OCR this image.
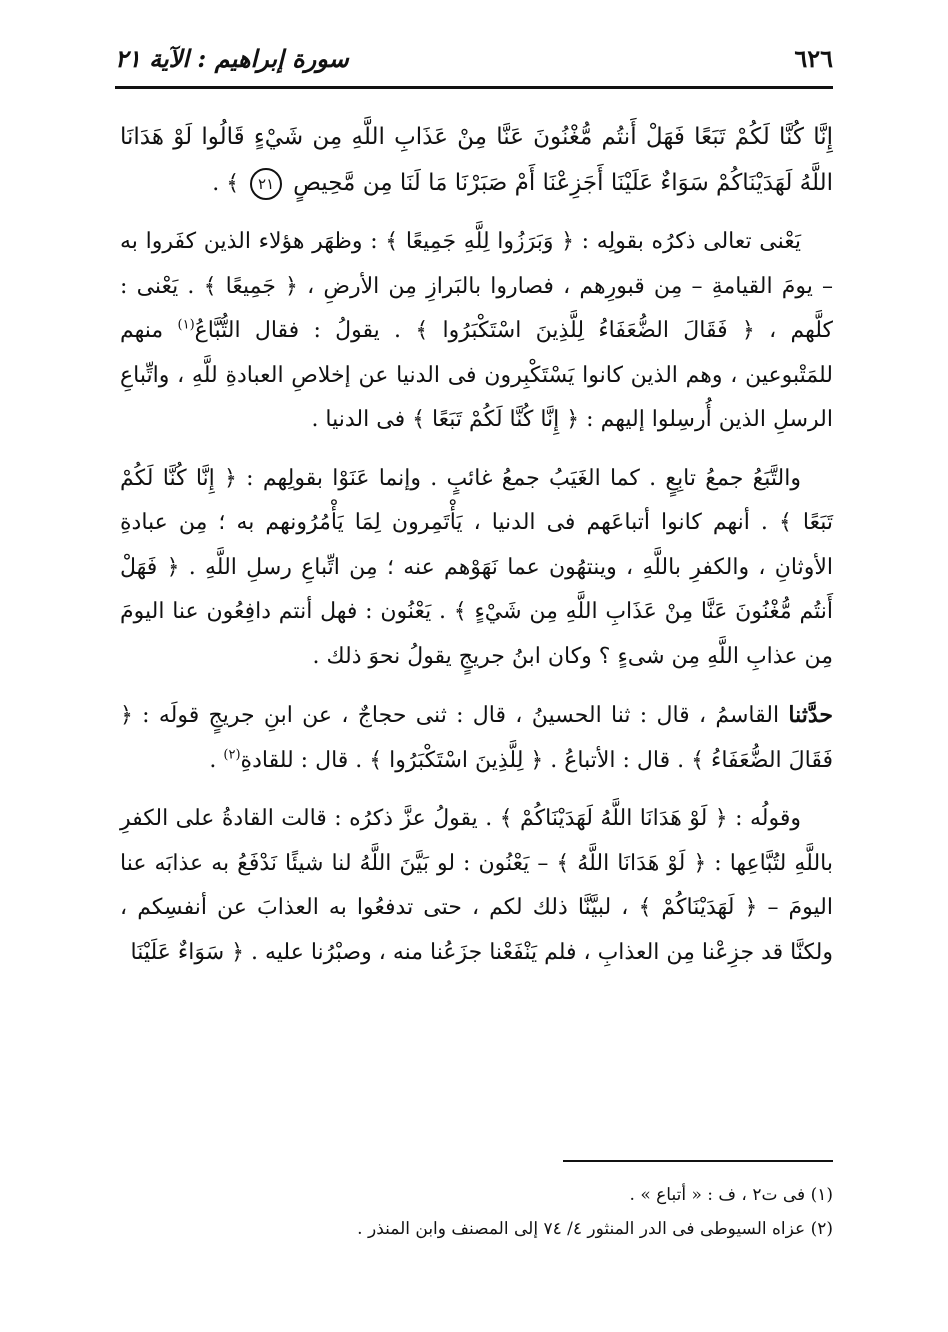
٦٢٦
سورة إبراهيم : الآية ٢١

إِنَّا كُنَّا لَكُمْ تَبَعًا فَهَلْ أَنتُم مُّغْنُونَ عَنَّا مِنْ عَذَابِ اللَّهِ مِن شَيْءٍ قَالُوا لَوْ هَدَانَا اللَّهُ لَهَدَيْنَاكُمْ سَوَاءٌ عَلَيْنَا أَجَزِعْنَا أَمْ صَبَرْنَا مَا لَنَا مِن مَّحِيصٍ ٢١ ﴾ .

يَعْنى تعالى ذكرُه بقولِه : ﴿ وَبَرَزُوا لِلَّهِ جَمِيعًا ﴾ : وظهَر هؤلاء الذين كفَروا به – يومَ القيامةِ – مِن قبورِهم ، فصاروا بالبَرازِ مِن الأرضِ ، ﴿ جَمِيعًا ﴾ . يَعْنى : كلَّهم ، ﴿ فَقَالَ الضُّعَفَاءُ لِلَّذِينَ اسْتَكْبَرُوا ﴾ . يقولُ : فقال التُّبَّاعُ$^{(١)}$ منهم للمَتْبوعين ، وهم الذين كانوا يَسْتَكْبِرون فى الدنيا عن إخلاصِ العبادةِ للَّهِ ، واتِّباعِ الرسلِ الذين أُرسِلوا إليهم : ﴿ إِنَّا كُنَّا لَكُمْ تَبَعًا ﴾ فى الدنيا .

والتَّبَعُ جمعُ تابِعٍ . كما الغَيَبُ جمعُ غائبٍ . وإنما عَنَوْا بقولِهم : ﴿ إِنَّا كُنَّا لَكُمْ تَبَعًا ﴾ . أنهم كانوا أتباعَهم فى الدنيا ، يَأْتَمِرون لِمَا يَأْمُرُونهم به ؛ مِن عبادةِ الأوثانِ ، والكفرِ باللَّهِ ، وينتهُون عما نَهَوْهم عنه ؛ مِن اتِّباعِ رسلِ اللَّهِ . ﴿ فَهَلْ أَنتُم مُّغْنُونَ عَنَّا مِنْ عَذَابِ اللَّهِ مِن شَيْءٍ ﴾ . يَعْنُون : فهل أنتم دافِعُون عنا اليومَ مِن عذابِ اللَّهِ مِن شىءٍ ؟ وكان ابنُ جريجٍ يقولُ نحوَ ذلك .

حدَّثنا القاسمُ ، قال : ثنا الحسينُ ، قال : ثنى حجاجٌ ، عن ابنِ جريجٍ قولَه : ﴿ فَقَالَ الضُّعَفَاءُ ﴾ . قال : الأتباعُ . ﴿ لِلَّذِينَ اسْتَكْبَرُوا ﴾ . قال : للقادةِ$^{(٢)}$ .

وقولُه : ﴿ لَوْ هَدَانَا اللَّهُ لَهَدَيْنَاكُمْ ﴾ . يقولُ عزَّ ذكرُه : قالت القادةُ على الكفرِ باللَّهِ لتُبَّاعِها : ﴿ لَوْ هَدَانَا اللَّهُ ﴾ – يَعْنُون : لو بَيَّنَ اللَّهُ لنا شيئًا نَدْفَعُ به عذابَه عنا اليومَ – ﴿ لَهَدَيْنَاكُمْ ﴾ ، لبيَّنَّا ذلك لكم ، حتى تدفعُوا به العذابَ عن أنفسِكم ، ولكنَّا قد جزِعْنا مِن العذابِ ، فلم يَنْفَعْنا جزَعُنا منه ، وصبْرُنا عليه . ﴿ سَوَاءٌ عَلَيْنَا

(١) فى ت٢ ، ف : « أتباع » .
(٢) عزاه السيوطى فى الدر المنثور ٤/ ٧٤ إلى المصنف وابن المنذر .
